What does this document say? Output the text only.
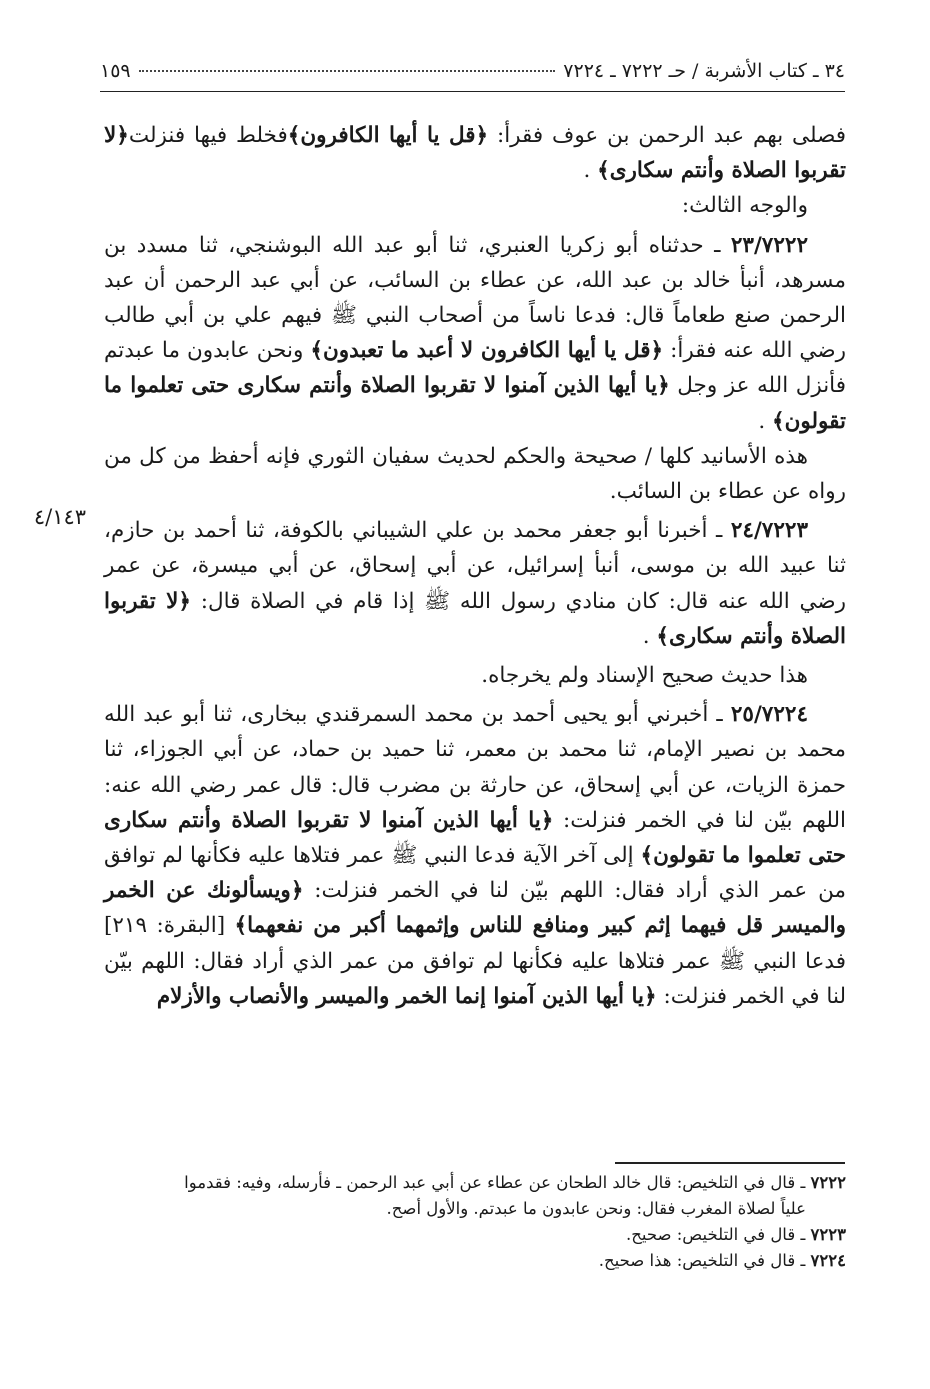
٣٤ ـ كتاب الأشربة / حـ ٧٢٢٢ ـ ٧٢٢٤
١٥٩
٤/١٤٣

فصلى بهم عبد الرحمن بن عوف فقرأ: ﴿قل يا أيها الكافرون﴾فخلط فيها فنزلت﴿لا تقربوا الصلاة وأنتم سكارى﴾ .

والوجه الثالث:

٢٣/٧٢٢٢ ـ حدثناه أبو زكريا العنبري، ثنا أبو عبد الله البوشنجي، ثنا مسدد بن مسرهد، أنبأ خالد بن عبد الله، عن عطاء بن السائب، عن أبي عبد الرحمن أن عبد الرحمن صنع طعاماً قال: فدعا ناساً من أصحاب النبي ﷺ فيهم علي بن أبي طالب رضي الله عنه فقرأ: ﴿قل يا أيها الكافرون لا أعبد ما تعبدون﴾ ونحن عابدون ما عبدتم فأنزل الله عز وجل ﴿يا أيها الذين آمنوا لا تقربوا الصلاة وأنتم سكارى حتى تعلموا ما تقولون﴾ .

هذه الأسانيد كلها / صحيحة والحكم لحديث سفيان الثوري فإنه أحفظ من كل من رواه عن عطاء بن السائب.

٢٤/٧٢٢٣ ـ أخبرنا أبو جعفر محمد بن علي الشيباني بالكوفة، ثنا أحمد بن حازم، ثنا عبيد الله بن موسى، أنبأ إسرائيل، عن أبي إسحاق، عن أبي ميسرة، عن عمر رضي الله عنه قال: كان منادي رسول الله ﷺ إذا قام في الصلاة قال: ﴿لا تقربوا الصلاة وأنتم سكارى﴾ .

هذا حديث صحيح الإسناد ولم يخرجاه.

٢٥/٧٢٢٤ ـ أخبرني أبو يحيى أحمد بن محمد السمرقندي ببخارى، ثنا أبو عبد الله محمد بن نصير الإمام، ثنا محمد بن معمر، ثنا حميد بن حماد، عن أبي الجوزاء، ثنا حمزة الزيات، عن أبي إسحاق، عن حارثة بن مضرب قال: قال عمر رضي الله عنه: اللهم بيّن لنا في الخمر فنزلت: ﴿يا أيها الذين آمنوا لا تقربوا الصلاة وأنتم سكارى حتى تعلموا ما تقولون﴾ إلى آخر الآية فدعا النبي ﷺ عمر فتلاها عليه فكأنها لم توافق من عمر الذي أراد فقال: اللهم بيّن لنا في الخمر فنزلت: ﴿ويسألونك عن الخمر والميسر قل فيهما إثم كبير ومنافع للناس وإثمهما أكبر من نفعهما﴾ [البقرة: ٢١٩] فدعا النبي ﷺ عمر فتلاها عليه فكأنها لم توافق من عمر الذي أراد فقال: اللهم بيّن لنا في الخمر فنزلت: ﴿يا أيها الذين آمنوا إنما الخمر والميسر والأنصاب والأزلام

٧٢٢٢ ـ قال في التلخيص: قال خالد الطحان عن عطاء عن أبي عبد الرحمن ـ فأرسله، وفيه: فقدموا

علياً لصلاة المغرب فقال: ونحن عابدون ما عبدتم. والأول أصح.

٧٢٢٣ ـ قال في التلخيص: صحيح.

٧٢٢٤ ـ قال في التلخيص: هذا صحيح.
